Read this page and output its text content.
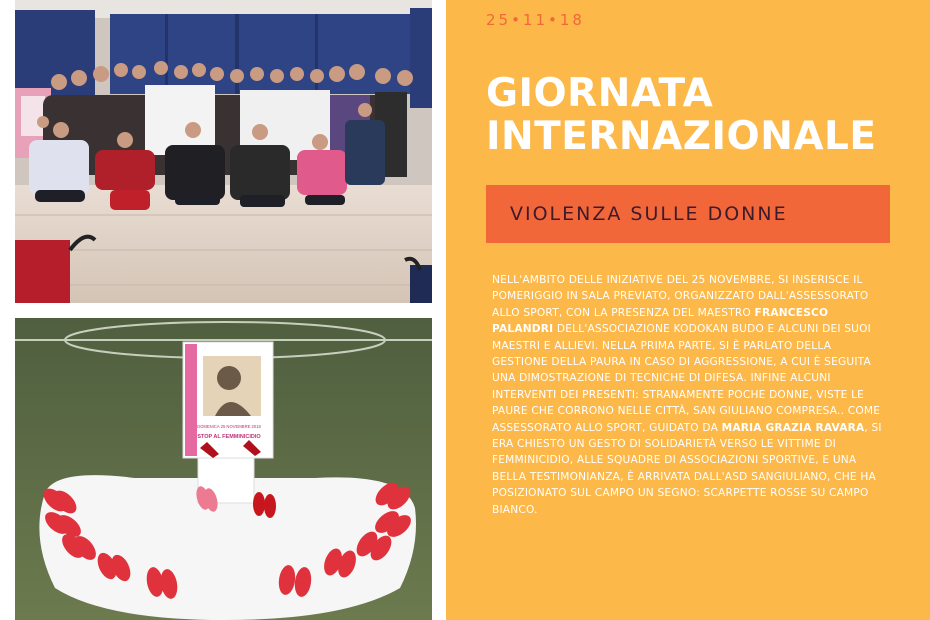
DOMENICA 25 NOVEMBRE 2018
STOP AL FEMMINICIDIO
25•11•18
GIORNATA
INTERNAZIONALE
VIOLENZA SULLE DONNE
NELL'AMBITO DELLE INIZIATIVE DEL 25 NOVEMBRE, SI INSERISCE IL POMERIGGIO IN SALA PREVIATO, ORGANIZZATO DALL'ASSESSORATO ALLO SPORT, CON LA PRESENZA DEL MAESTRO FRANCESCO PALANDRI DELL'ASSOCIAZIONE KODOKAN BUDO E ALCUNI DEI SUOI MAESTRI E ALLIEVI. NELLA PRIMA PARTE, SI È PARLATO DELLA GESTIONE DELLA PAURA IN CASO DI AGGRESSIONE, A CUI È SEGUITA UNA DIMOSTRAZIONE DI TECNICHE DI DIFESA. INFINE ALCUNI INTERVENTI DEI PRESENTI: STRANAMENTE POCHE DONNE, VISTE LE PAURE CHE CORRONO NELLE CITTÀ, SAN GIULIANO COMPRESA.. COME ASSESSORATO ALLO SPORT, GUIDATO DA MARIA GRAZIA RAVARA, SI ERA CHIESTO UN GESTO DI SOLIDARIETÀ VERSO LE VITTIME DI FEMMINICIDIO, ALLE SQUADRE DI ASSOCIAZIONI SPORTIVE, E UNA BELLA TESTIMONIANZA, È ARRIVATA DALL'ASD SANGIULIANO, CHE HA POSIZIONATO SUL CAMPO UN SEGNO: SCARPETTE ROSSE SU CAMPO BIANCO.
